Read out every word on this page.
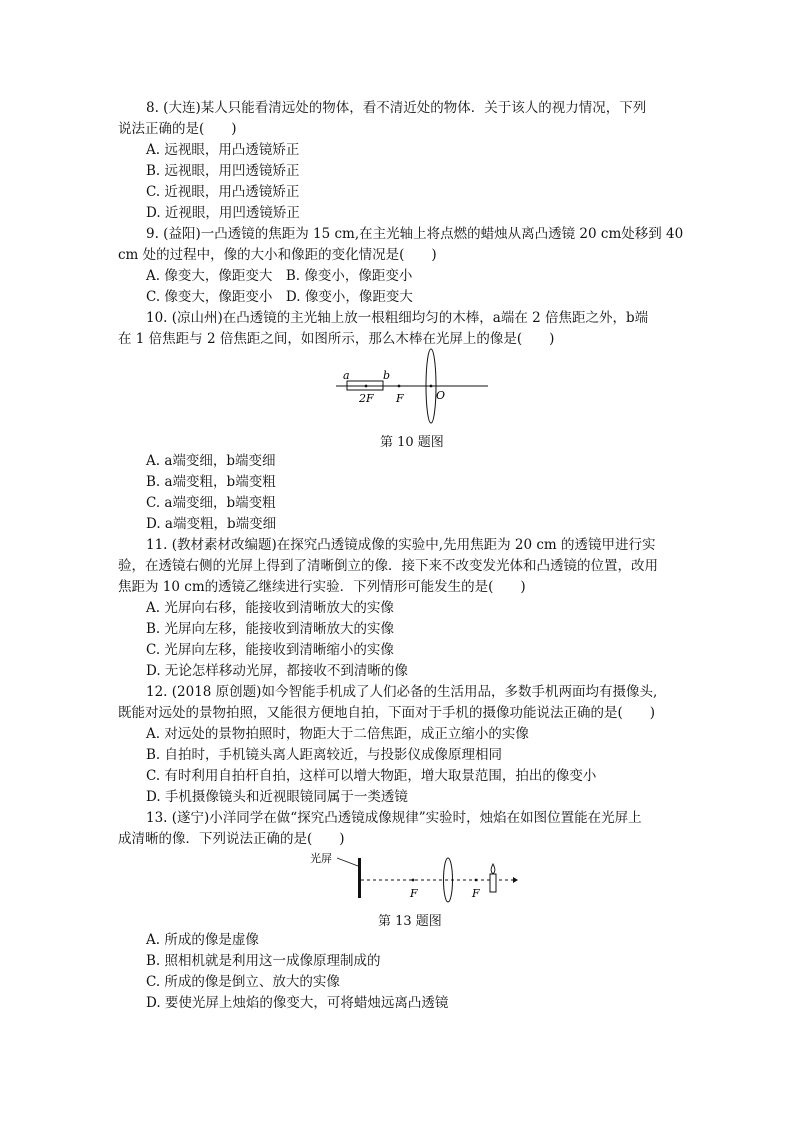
8. (大连)某人只能看清远处的物体，看不清近处的物体．关于该人的视力情况，下列
说法正确的是(　　)
A. 远视眼，用凸透镜矫正
B. 远视眼，用凹透镜矫正
C. 近视眼，用凸透镜矫正
D. 近视眼，用凹透镜矫正
9. (益阳)一凸透镜的焦距为 15 cm,在主光轴上将点燃的蜡烛从离凸透镜 20 cm处移到 40
cm 处的过程中，像的大小和像距的变化情况是(　　)
A. 像变大，像距变大　B. 像变小，像距变小
C. 像变大，像距变小　D. 像变小，像距变大
10. (凉山州)在凸透镜的主光轴上放一根粗细均匀的木棒，a端在 2 倍焦距之外，b端
在 1 倍焦距与 2 倍焦距之间，如图所示，那么木棒在光屏上的像是(　　)
a	b
2F F	O
第 10 题图
A. a端变细，b端变细
B. a端变粗，b端变粗
C. a端变细，b端变粗
D. a端变粗，b端变细
11. (教材素材改编题)在探究凸透镜成像的实验中,先用焦距为 20 cm 的透镜甲进行实
验，在透镜右侧的光屏上得到了清晰倒立的像．接下来不改变发光体和凸透镜的位置，改用
焦距为 10 cm的透镜乙继续进行实验．下列情形可能发生的是(　　)
A. 光屏向右移，能接收到清晰放大的实像
B. 光屏向左移，能接收到清晰放大的实像
C. 光屏向左移，能接收到清晰缩小的实像
D. 无论怎样移动光屏，都接收不到清晰的像
12. (2018 原创题)如今智能手机成了人们必备的生活用品，多数手机两面均有摄像头,
既能对远处的景物拍照，又能很方便地自拍，下面对于手机的摄像功能说法正确的是(　　)
A. 对远处的景物拍照时，物距大于二倍焦距，成正立缩小的实像
B. 自拍时，手机镜头离人距离较近，与投影仪成像原理相同
C. 有时利用自拍杆自拍，这样可以增大物距，增大取景范围，拍出的像变小
D. 手机摄像镜头和近视眼镜同属于一类透镜
13. (遂宁)小洋同学在做“探究凸透镜成像规律”实验时，烛焰在如图位置能在光屏上
成清晰的像．下列说法正确的是(　　)
光屏
F	F
第 13 题图
A. 所成的像是虚像
B. 照相机就是利用这一成像原理制成的
C. 所成的像是倒立、放大的实像
D. 要使光屏上烛焰的像变大，可将蜡烛远离凸透镜
